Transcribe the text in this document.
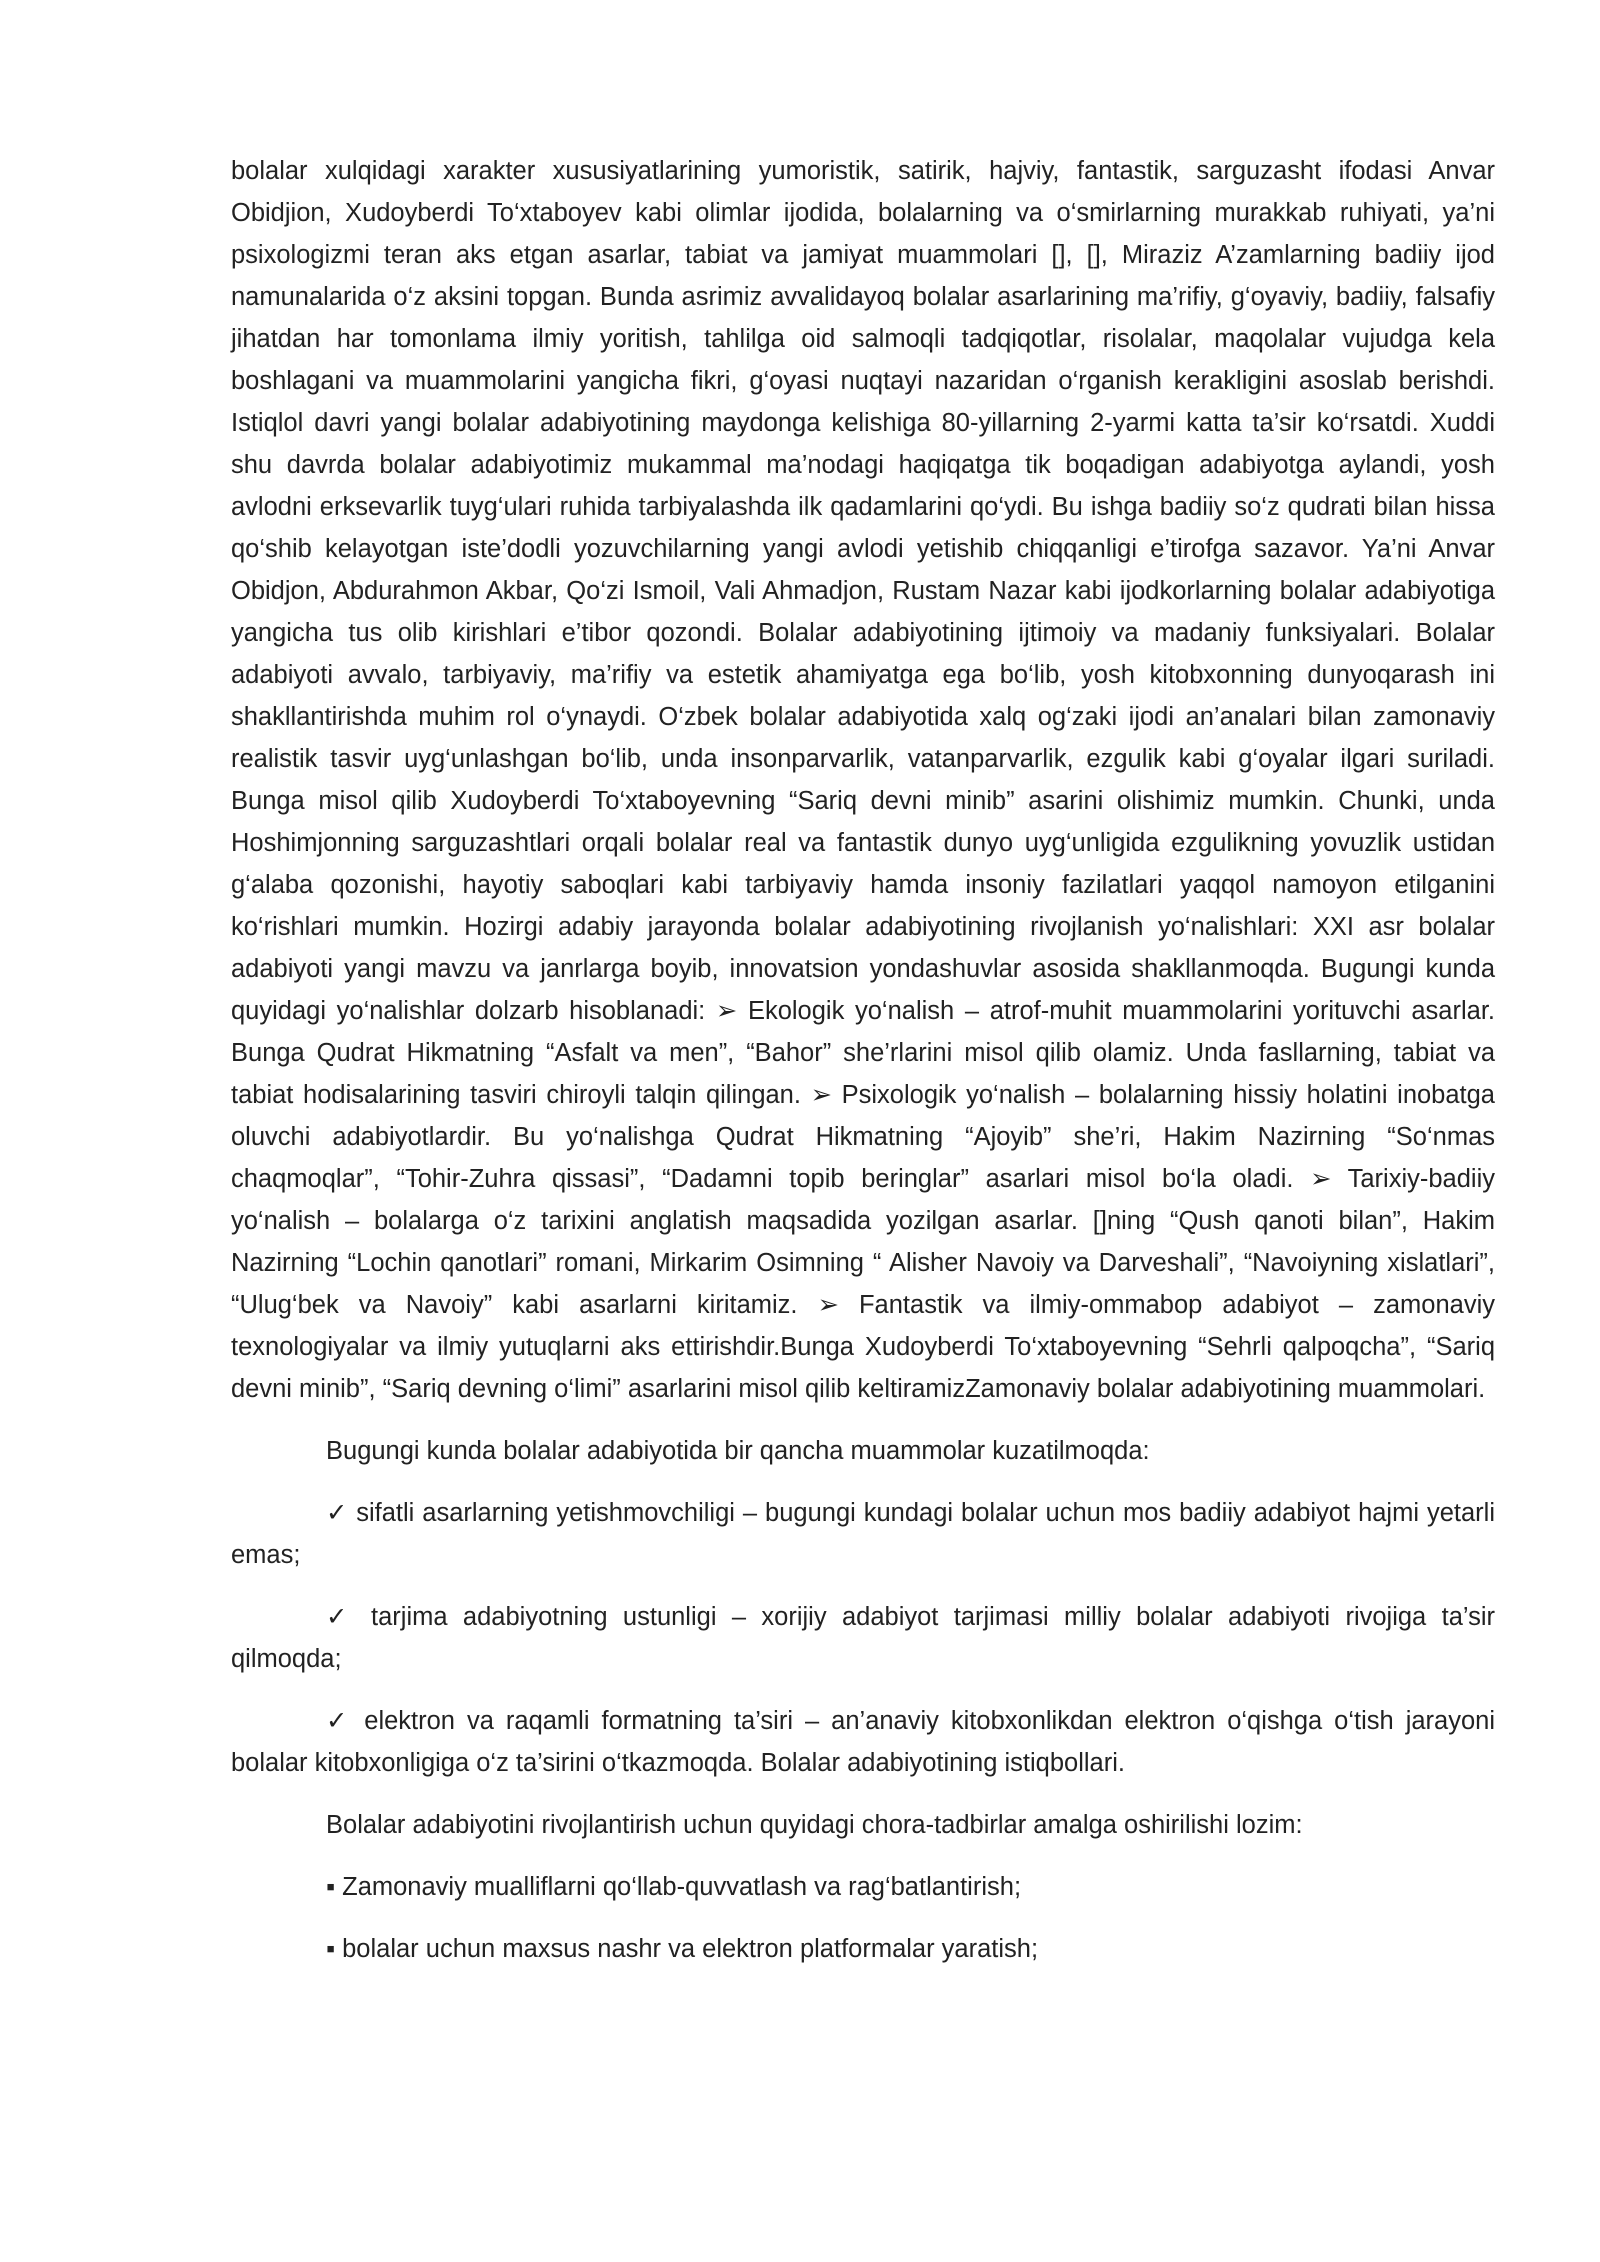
bolalar xulqidagi xarakter xususiyatlarining yumoristik, satirik, hajviy, fantastik, sarguzasht ifodasi Anvar Obidjion, Xudoyberdi To‘xtaboyev kabi olimlar ijodida, bolalarning va o‘smirlarning murakkab ruhiyati, ya’ni psixologizmi teran aks etgan asarlar, tabiat va jamiyat muammolari [], [], Miraziz A’zamlarning badiiy ijod namunalarida o‘z aksini topgan. Bunda asrimiz avvalidayoq bolalar asarlarining ma’rifiy, g‘oyaviy, badiiy, falsafiy jihatdan har tomonlama ilmiy yoritish, tahlilga oid salmoqli tadqiqotlar, risolalar, maqolalar vujudga kela boshlagani va muammolarini yangicha fikri, g‘oyasi nuqtayi nazaridan o‘rganish kerakligini asoslab berishdi. Istiqlol davri yangi bolalar adabiyotining maydonga kelishiga 80-yillarning 2-yarmi katta ta’sir ko‘rsatdi. Xuddi shu davrda bolalar adabiyotimiz mukammal ma’nodagi haqiqatga tik boqadigan adabiyotga aylandi, yosh avlodni erksevarlik tuyg‘ulari ruhida tarbiyalashda ilk qadamlarini qo‘ydi. Bu ishga badiiy so‘z qudrati bilan hissa qo‘shib kelayotgan iste’dodli yozuvchilarning yangi avlodi yetishib chiqqanligi e’tirofga sazavor. Ya’ni Anvar Obidjon, Abdurahmon Akbar, Qo‘zi Ismoil, Vali Ahmadjon, Rustam Nazar kabi ijodkorlarning bolalar adabiyotiga yangicha tus olib kirishlari e’tibor qozondi. Bolalar adabiyotining ijtimoiy va madaniy funksiyalari. Bolalar adabiyoti avvalo, tarbiyaviy, ma’rifiy va estetik ahamiyatga ega bo‘lib, yosh kitobxonning dunyoqarash ini shakllantirishda muhim rol o‘ynaydi. O‘zbek bolalar adabiyotida xalq og‘zaki ijodi an’analari bilan zamonaviy realistik tasvir uyg‘unlashgan bo‘lib, unda insonparvarlik, vatanparvarlik, ezgulik kabi g‘oyalar ilgari suriladi. Bunga misol qilib Xudoyberdi To‘xtaboyevning “Sariq devni minib” asarini olishimiz mumkin. Chunki, unda Hoshimjonning sarguzashtlari orqali bolalar real va fantastik dunyo uyg‘unligida ezgulikning yovuzlik ustidan g‘alaba qozonishi, hayotiy saboqlari kabi tarbiyaviy hamda insoniy fazilatlari yaqqol namoyon etilganini ko‘rishlari mumkin. Hozirgi adabiy jarayonda bolalar adabiyotining rivojlanish yo‘nalishlari: XXI asr bolalar adabiyoti yangi mavzu va janrlarga boyib, innovatsion yondashuvlar asosida shakllanmoqda. Bugungi kunda quyidagi yo‘nalishlar dolzarb hisoblanadi: ➢ Ekologik yo‘nalish – atrof-muhit muammolarini yorituvchi asarlar. Bunga Qudrat Hikmatning “Asfalt va men”, “Bahor” she’rlarini misol qilib olamiz. Unda fasllarning, tabiat va tabiat hodisalarining tasviri chiroyli talqin qilingan. ➢ Psixologik yo‘nalish – bolalarning hissiy holatini inobatga oluvchi adabiyotlardir. Bu yo‘nalishga Qudrat Hikmatning “Ajoyib” she’ri, Hakim Nazirning “So‘nmas chaqmoqlar”, “Tohir-Zuhra qissasi”, “Dadamni topib beringlar” asarlari misol bo‘la oladi. ➢ Tarixiy-badiiy yo‘nalish – bolalarga o‘z tarixini anglatish maqsadida yozilgan asarlar. []ning “Qush qanoti bilan”, Hakim Nazirning “Lochin qanotlari” romani, Mirkarim Osimning “ Alisher Navoiy va Darveshali”, “Navoiyning xislatlari”, “Ulug‘bek va Navoiy” kabi asarlarni kiritamiz. ➢ Fantastik va ilmiy-ommabop adabiyot – zamonaviy texnologiyalar va ilmiy yutuqlarni aks ettirishdir.Bunga Xudoyberdi To‘xtaboyevning “Sehrli qalpoqcha”, “Sariq devni minib”, “Sariq devning o‘limi” asarlarini misol qilib keltiramizZamonaviy bolalar adabiyotining muammolari.

Bugungi kunda bolalar adabiyotida bir qancha muammolar kuzatilmoqda:

✓ sifatli asarlarning yetishmovchiligi – bugungi kundagi bolalar uchun mos badiiy adabiyot hajmi yetarli emas;

✓ tarjima adabiyotning ustunligi – xorijiy adabiyot tarjimasi milliy bolalar adabiyoti rivojiga ta’sir qilmoqda;

✓ elektron va raqamli formatning ta’siri – an’anaviy kitobxonlikdan elektron o‘qishga o‘tish jarayoni bolalar kitobxonligiga o‘z ta’sirini o‘tkazmoqda. Bolalar adabiyotining istiqbollari.

Bolalar adabiyotini rivojlantirish uchun quyidagi chora-tadbirlar amalga oshirilishi lozim:

▪ Zamonaviy mualliflarni qo‘llab-quvvatlash va rag‘batlantirish;

▪ bolalar uchun maxsus nashr va elektron platformalar yaratish;
